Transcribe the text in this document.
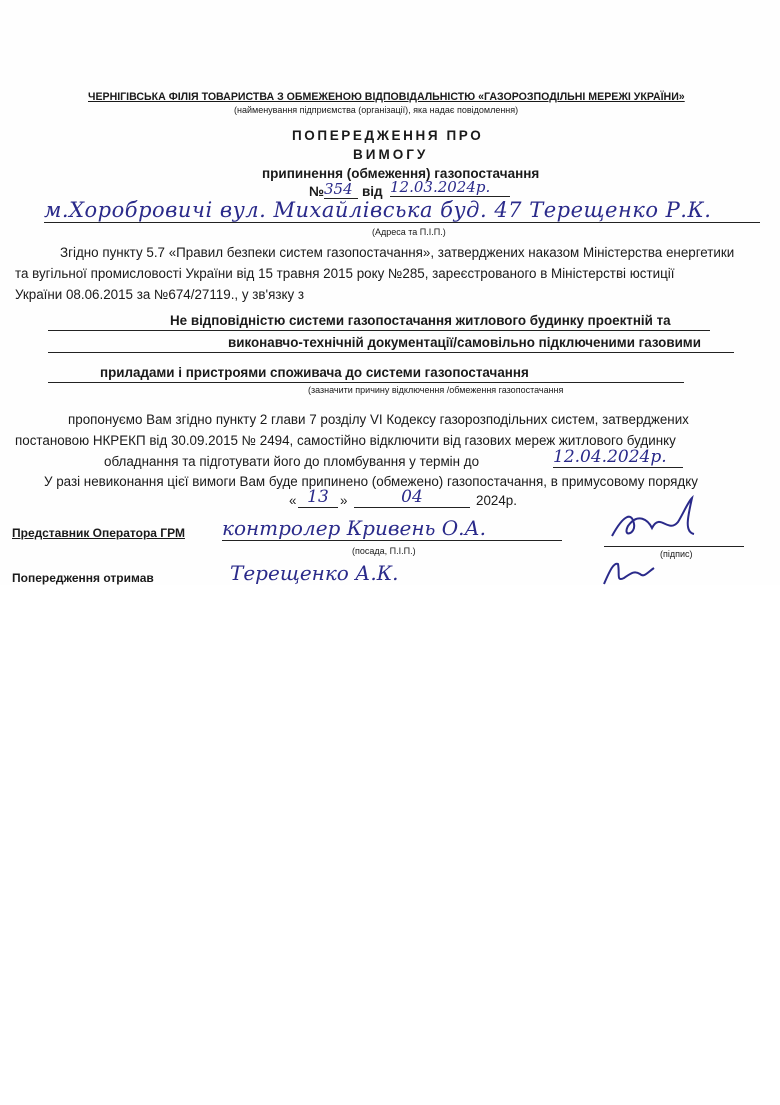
ЧЕРНІГІВСЬКА ФІЛІЯ ТОВАРИСТВА З ОБМЕЖЕНОЮ ВІДПОВІДАЛЬНІСТЮ «ГАЗОРОЗПОДІЛЬНІ МЕРЕЖІ УКРАЇНИ»
(найменування підприємства (організації), яка надає повідомлення)
ПОПЕРЕДЖЕННЯ ПРО
ВИМОГУ
припинення (обмеження) газопостачання
№ 354 від 12.03.2024р.
м.Хоробровичі вул. Михайлівська буд. 47 Терещенко Р.К.
(Адреса та П.І.П.)
Згідно пункту 5.7 «Правил безпеки систем газопостачання», затверджених наказом Міністерства енергетики
та вугільної промисловості України від 15 травня 2015 року №285, зареєстрованого в Міністерстві юстиції
України 08.06.2015 за №674/27119., у зв'язку з
Не відповідністю системи газопостачання житлового будинку проектній та
виконавчо-технічній документації/самовільно підключеними газовими
приладами і пристроями споживача до системи газопостачання
(зазначити причину відключення /обмеження газопостачання
пропонуємо Вам згідно пункту 2 глави 7 розділу VI Кодексу газорозподільних систем, затверджених
постановою НКРЕКП від 30.09.2015 № 2494, самостійно відключити від газових мереж житлового будинку
обладнання та підготувати його до пломбування у термін до	12.04.2024р.
У разі невиконання цієї вимоги Вам буде припинено (обмежено) газопостачання, в примусовому порядку
« 13 »	04	2024р.
Представник Оператора ГРМ контролер Кривень О.А.
(посада, П.І.П.)	(підпис)
Попередження отримав	Терещенко А.К.
